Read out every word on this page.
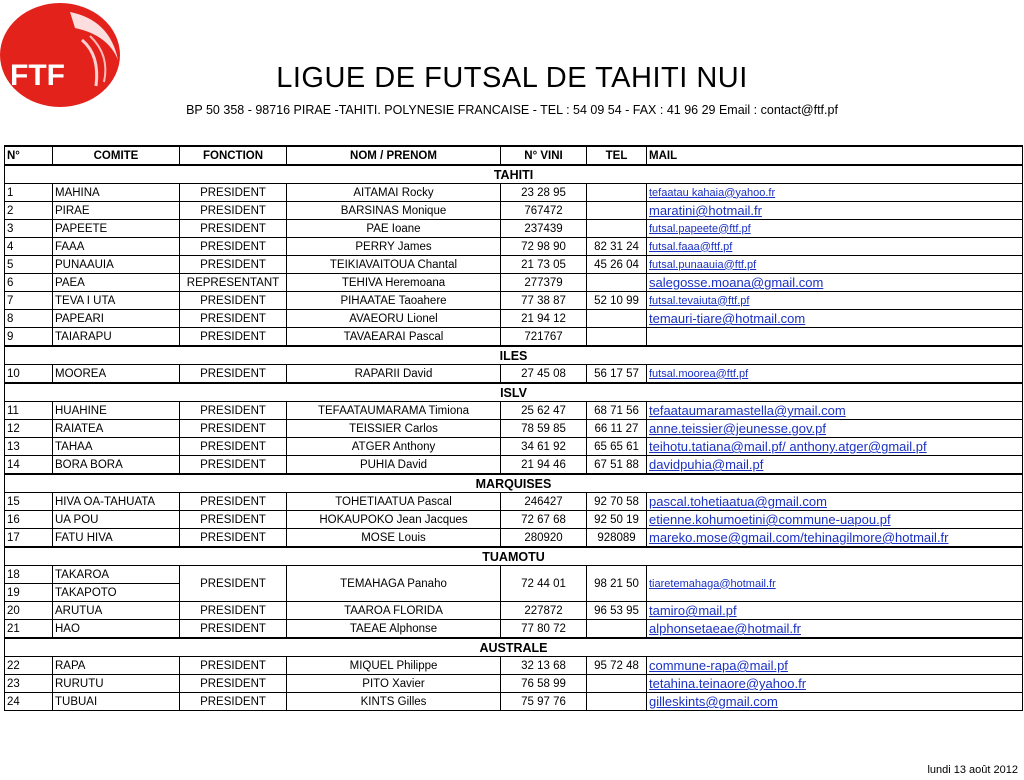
FTF	LIGUE DE FUTSAL DE TAHITI NUI
BP 50 358 - 98716 PIRAE -TAHITI. POLYNESIE FRANCAISE - TEL : 54 09 54 - FAX : 41 96 29 Email : contact@ftf.pf
N°	COMITE	FONCTION	NOM / PRENOM	N° VINI	TEL	MAIL
TAHITI						
1	MAHINA	PRESIDENT	AITAMAI Rocky	23 28 95		tefaatau kahaia@yahoo.fr
2	PIRAE	PRESIDENT	BARSINAS Monique	767472		maratini@hotmail.fr
3	PAPEETE	PRESIDENT	PAE Ioane	237439		futsal.papeete@ftf.pf
4	FAAA	PRESIDENT	PERRY James	72 98 90	82 31 24	futsal.faaa@ftf.pf
5	PUNAAUIA	PRESIDENT	TEIKIAVAITOUA Chantal	21 73 05	45 26 04	futsal.punaauia@ftf.pf
6	PAEA	REPRESENTANT	TEHIVA Heremoana	277379		salegosse.moana@gmail.com
7	TEVA I UTA	PRESIDENT	PIHAATAE Taoahere	77 38 87	52 10 99	futsal.tevaiuta@ftf.pf
8	PAPEARI	PRESIDENT	AVAEORU Lionel	21 94 12		temauri-tiare@hotmail.com
9	TAIARAPU	PRESIDENT	TAVAEARAI Pascal	721767		
ILES						
10	MOOREA	PRESIDENT	RAPARII David	27 45 08	56 17 57	futsal.moorea@ftf.pf
ISLV						
11	HUAHINE	PRESIDENT	TEFAATAUMARAMA Timiona	25 62 47	68 71 56	tefaataumaramastella@ymail.com
12	RAIATEA	PRESIDENT	TEISSIER Carlos	78 59 85	66 11 27	anne.teissier@jeunesse.gov.pf
13	TAHAA	PRESIDENT	ATGER Anthony	34 61 92	65 65 61	teihotu.tatiana@mail.pf/ anthony.atger@gmail.pf
14	BORA BORA	PRESIDENT	PUHIA David	21 94 46	67 51 88	davidpuhia@mail.pf
MARQUISES						
15	HIVA OA-TAHUATA	PRESIDENT	TOHETIAATUA Pascal	246427	92 70 58	pascal.tohetiaatua@gmail.com
16	UA POU	PRESIDENT	HOKAUPOKO Jean Jacques	72 67 68	92 50 19	etienne.kohumoetini@commune-uapou.pf
17	FATU HIVA	PRESIDENT	MOSE Louis	280920	928089	mareko.mose@gmail.com/tehinagilmore@hotmail.fr
TUAMOTU						
18	TAKAROA	PRESIDENT	TEMAHAGA Panaho	72 44 01	98 21 50	tiaretemahaga@hotmail.fr
19	TAKAPOTO					
20	ARUTUA	PRESIDENT	TAAROA FLORIDA	227872	96 53 95	tamiro@mail.pf
21	HAO	PRESIDENT	TAEAE Alphonse	77 80 72		alphonsetaeae@hotmail.fr
AUSTRALE						
22	RAPA	PRESIDENT	MIQUEL Philippe	32 13 68	95 72 48	commune-rapa@mail.pf
23	RURUTU	PRESIDENT	PITO Xavier	76 58 99		tetahina.teinaore@yahoo.fr
24	TUBUAI	PRESIDENT	KINTS Gilles	75 97 76		gilleskints@gmail.com
lundi 13 août 2012
